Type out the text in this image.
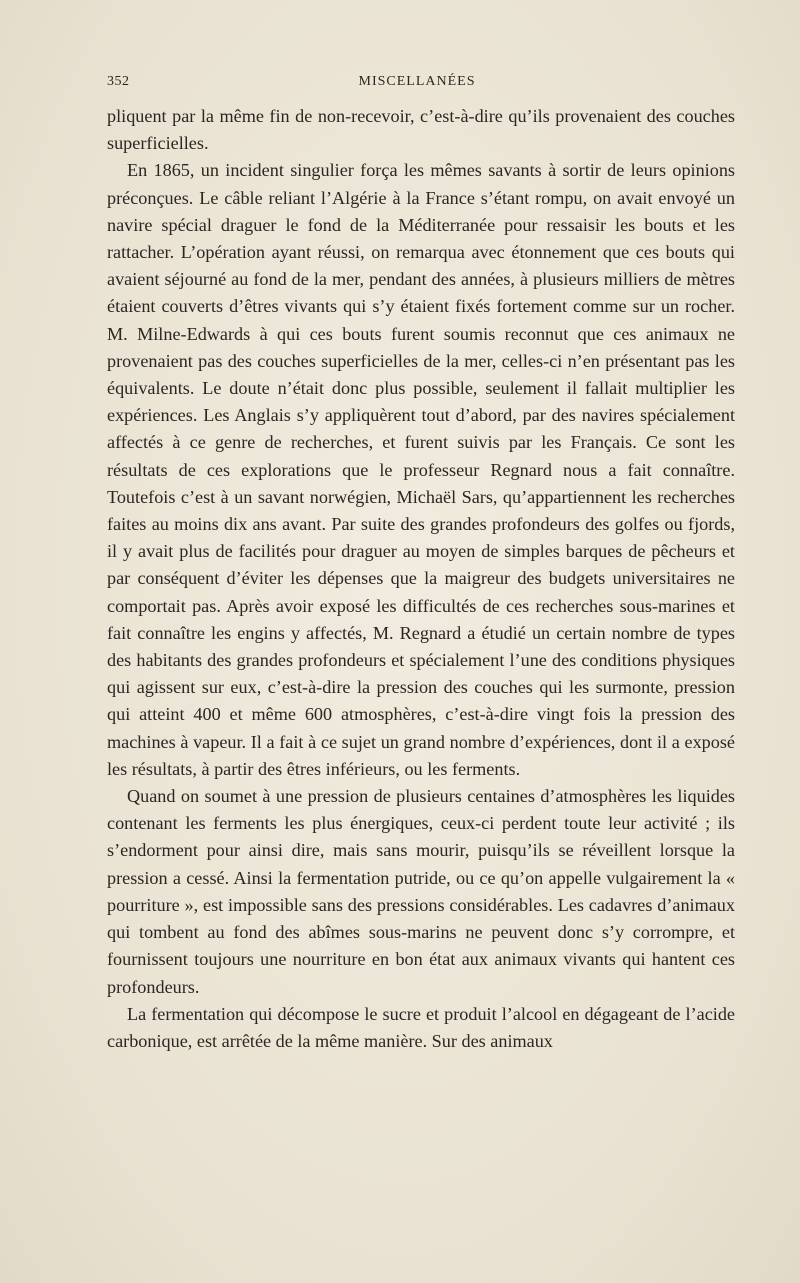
352	MISCELLANÉES

pliquent par la même fin de non-recevoir, c’est-à-dire qu’ils provenaient des couches superficielles.

En 1865, un incident singulier força les mêmes savants à sortir de leurs opinions préconçues. Le câble reliant l’Algérie à la France s’étant rompu, on avait envoyé un navire spécial draguer le fond de la Méditerranée pour ressaisir les bouts et les rattacher. L’opération ayant réussi, on remarqua avec étonnement que ces bouts qui avaient séjourné au fond de la mer, pendant des années, à plusieurs milliers de mètres étaient couverts d’êtres vivants qui s’y étaient fixés fortement comme sur un rocher. M. Milne-Edwards à qui ces bouts furent soumis reconnut que ces animaux ne provenaient pas des couches superficielles de la mer, celles-ci n’en présentant pas les équivalents. Le doute n’était donc plus possible, seulement il fallait multiplier les expériences. Les Anglais s’y appliquèrent tout d’abord, par des navires spécialement affectés à ce genre de recherches, et furent suivis par les Français. Ce sont les résultats de ces explorations que le professeur Regnard nous a fait connaître. Toutefois c’est à un savant norwégien, Michaël Sars, qu’appartiennent les recherches faites au moins dix ans avant. Par suite des grandes profondeurs des golfes ou fjords, il y avait plus de facilités pour draguer au moyen de simples barques de pêcheurs et par conséquent d’éviter les dépenses que la maigreur des budgets universitaires ne comportait pas. Après avoir exposé les difficultés de ces recherches sous-marines et fait connaître les engins y affectés, M. Regnard a étudié un certain nombre de types des habitants des grandes profondeurs et spécialement l’une des conditions physiques qui agissent sur eux, c’est-à-dire la pression des couches qui les surmonte, pression qui atteint 400 et même 600 atmosphères, c’est-à-dire vingt fois la pression des machines à vapeur. Il a fait à ce sujet un grand nombre d’expériences, dont il a exposé les résultats, à partir des êtres inférieurs, ou les ferments.

Quand on soumet à une pression de plusieurs centaines d’atmosphères les liquides contenant les ferments les plus énergiques, ceux-ci perdent toute leur activité ; ils s’endorment pour ainsi dire, mais sans mourir, puisqu’ils se réveillent lorsque la pression a cessé. Ainsi la fermentation putride, ou ce qu’on appelle vulgairement la « pourriture », est impossible sans des pressions considérables. Les cadavres d’animaux qui tombent au fond des abîmes sous-marins ne peuvent donc s’y corrompre, et fournissent toujours une nourriture en bon état aux animaux vivants qui hantent ces profondeurs.

La fermentation qui décompose le sucre et produit l’alcool en dégageant de l’acide carbonique, est arrêtée de la même manière. Sur des animaux
